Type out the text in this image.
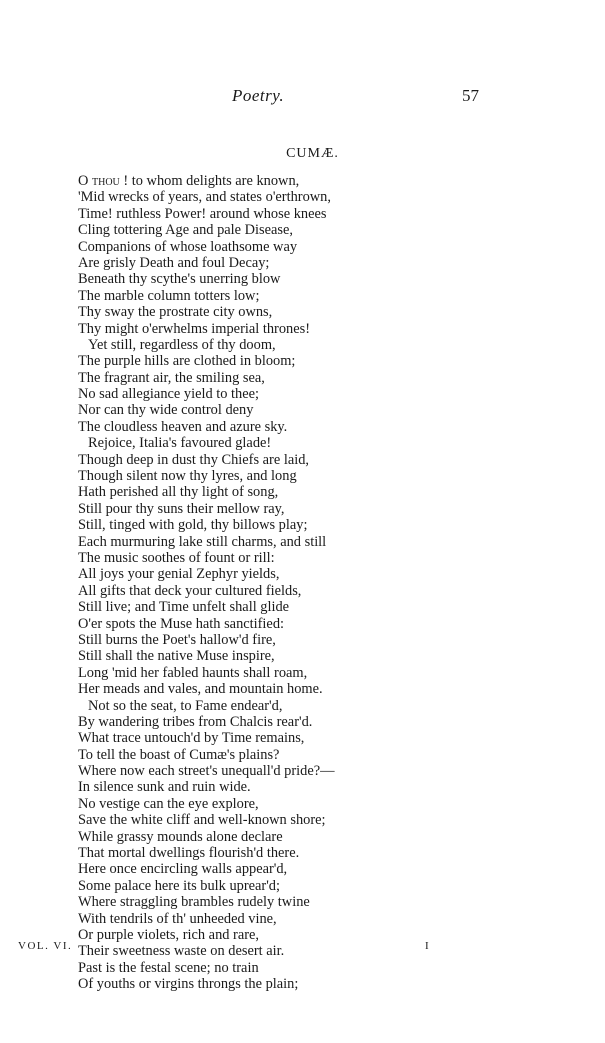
Poetry.	57
CUMÆ.
O thou ! to whom delights are known,
'Mid wrecks of years, and states o'erthrown,
Time! ruthless Power! around whose knees
Cling tottering Age and pale Disease,
Companions of whose loathsome way
Are grisly Death and foul Decay;
Beneath thy scythe's unerring blow
The marble column totters low;
Thy sway the prostrate city owns,
Thy might o'erwhelms imperial thrones!
Yet still, regardless of thy doom,
The purple hills are clothed in bloom;
The fragrant air, the smiling sea,
No sad allegiance yield to thee;
Nor can thy wide control deny
The cloudless heaven and azure sky.
Rejoice, Italia's favoured glade!
Though deep in dust thy Chiefs are laid,
Though silent now thy lyres, and long
Hath perished all thy light of song,
Still pour thy suns their mellow ray,
Still, tinged with gold, thy billows play;
Each murmuring lake still charms, and still
The music soothes of fount or rill:
All joys your genial Zephyr yields,
All gifts that deck your cultured fields,
Still live; and Time unfelt shall glide
O'er spots the Muse hath sanctified:
Still burns the Poet's hallow'd fire,
Still shall the native Muse inspire,
Long 'mid her fabled haunts shall roam,
Her meads and vales, and mountain home.
Not so the seat, to Fame endear'd,
By wandering tribes from Chalcis rear'd.
What trace untouch'd by Time remains,
To tell the boast of Cumæ's plains?
Where now each street's unequall'd pride?—
In silence sunk and ruin wide.
No vestige can the eye explore,
Save the white cliff and well-known shore;
While grassy mounds alone declare
That mortal dwellings flourish'd there.
Here once encircling walls appear'd,
Some palace here its bulk uprear'd;
Where straggling brambles rudely twine
With tendrils of th' unheeded vine,
Or purple violets, rich and rare,
Their sweetness waste on desert air.
Past is the festal scene; no train
Of youths or virgins throngs the plain;
VOL. VI.	I
